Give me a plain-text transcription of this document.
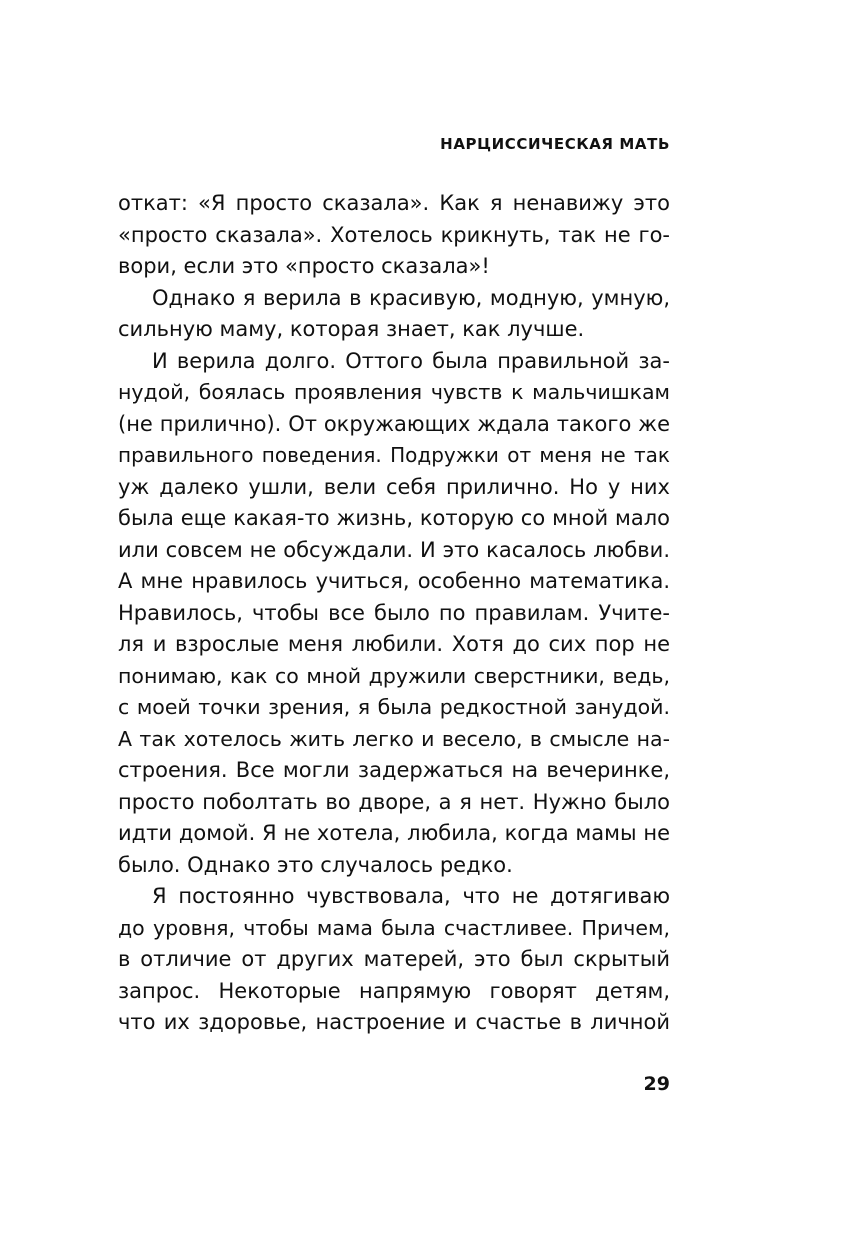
НАРЦИССИЧЕСКАЯ МАТЬ
откат: «Я просто сказала». Как я ненавижу это
«просто сказала». Хотелось крикнуть, так не го-
вори, если это «просто сказала»!
Однако я верила в красивую, модную, умную,
сильную маму, которая знает, как лучше.
И верила долго. Оттого была правильной за-
нудой, боялась проявления чувств к мальчишкам
(не прилично). От окружающих ждала такого же
правильного поведения. Подружки от меня не так
уж далеко ушли, вели себя прилично. Но у них
была еще какая-то жизнь, которую со мной мало
или совсем не обсуждали. И это касалось любви.
А мне нравилось учиться, особенно математика.
Нравилось, чтобы все было по правилам. Учите-
ля и взрослые меня любили. Хотя до сих пор не
понимаю, как со мной дружили сверстники, ведь,
с моей точки зрения, я была редкостной занудой.
А так хотелось жить легко и весело, в смысле на-
строения. Все могли задержаться на вечеринке,
просто поболтать во дворе, а я нет. Нужно было
идти домой. Я не хотела, любила, когда мамы не
было. Однако это случалось редко.
Я постоянно чувствовала, что не дотягиваю
до уровня, чтобы мама была счастливее. Причем,
в отличие от других матерей, это был скрытый
запрос. Некоторые напрямую говорят детям,
что их здоровье, настроение и счастье в личной
29
